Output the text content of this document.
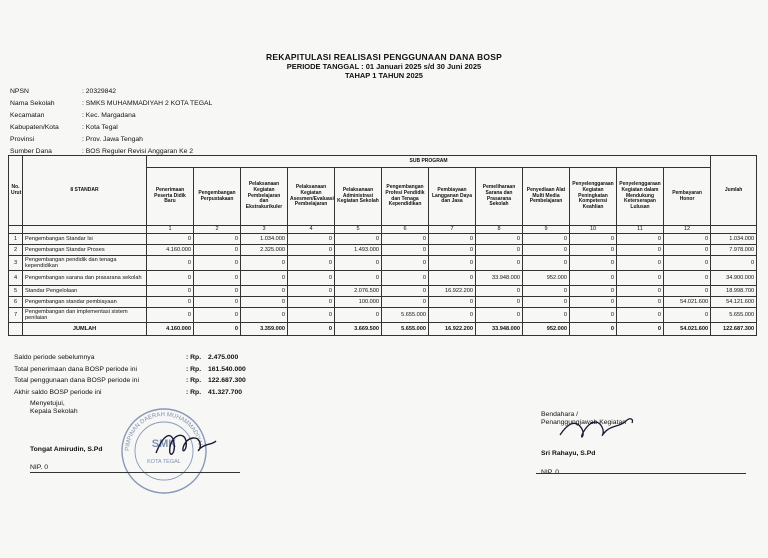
REKAPITULASI REALISASI PENGGUNAAN DANA BOSP
PERIODE TANGGAL : 01 Januari 2025 s/d 30 Juni 2025
TAHAP 1 TAHUN 2025
NPSN	: 20329842
Nama Sekolah	: SMKS MUHAMMADIYAH 2 KOTA TEGAL
Kecamatan	: Kec. Margadana
Kabupaten/Kota	: Kota Tegal
Provinsi	: Prov. Jawa Tengah
Sumber Dana	: BOS Reguler Revisi Anggaran Ke 2
No. Urut	8 STANDAR	SUB PROGRAM												Jumlah
		Penerimaan Peserta Didik Baru	Pengembangan Perpustakaan	Pelaksanaan Kegiatan Pembelajaran dan Ekstrakurikuler	Pelaksanaan Kegiatan Asesmen/Evaluasi Pembelajaran	Pelaksanaan Administrasi Kegiatan Sekolah	Pengembangan Profesi Pendidik dan Tenaga Kependidikan	Pembiayaan Langganan Daya dan Jasa	Pemeliharaan Sarana dan Prasarana Sekolah	Penyediaan Alat Multi Media Pembelajaran	Penyelenggaraan Kegiatan Peningkatan Kompetensi Keahlian	Penyelenggaraan Kegiatan dalam Mendukung Keterserapan Lulusan	Pembayaran Honor	
		1	2	3	4	5	6	7	8	9	10	11	12	
1	Pengembangan Standar Isi	0	0	1.034.000	0	0	0	0	0	0	0	0	0	1.034.000
2	Pengembangan Standar Proses	4.160.000	0	2.325.000	0	1.493.000	0	0	0	0	0	0	0	7.978.000
3	Pengembangan pendidik dan tenaga kependidikan	0	0	0	0	0	0	0	0	0	0	0	0	0
4	Pengembangan sarana dan prasarana sekolah	0	0	0	0	0	0	0	33.948.000	952.000	0	0	0	34.900.000
5	Standar Pengelolaan	0	0	0	0	2.076.500	0	16.922.200	0	0	0	0	0	18.998.700
6	Pengembangan standar pembiayaan	0	0	0	0	100.000	0	0	0	0	0	0	54.021.600	54.121.600
7	Pengembangan dan implementasi sistem penilaian	0	0	0	0	0	5.655.000	0	0	0	0	0	0	5.655.000
	JUMLAH	4.160.000	0	3.359.000	0	3.669.500	5.655.000	16.922.200	33.948.000	952.000	0	0	54.021.600	122.687.300
Saldo periode sebelumnya	: Rp.	2.475.000
Total penerimaan dana BOSP periode ini	: Rp.	161.540.000
Total penggunaan dana BOSP periode ini	: Rp.	122.687.300
Akhir saldo BOSP periode ini	: Rp.	41.327.700
PIMPINAN DAERAH MUHAMMADIYAH
SMK
KOTA TEGAL
Menyetujui,
Kepala Sekolah
Tongat Amirudin, S.Pd
NIP. 0
Bendahara /
Penanggungjawab Kegiatan
Sri Rahayu, S.Pd
NIP. 0
